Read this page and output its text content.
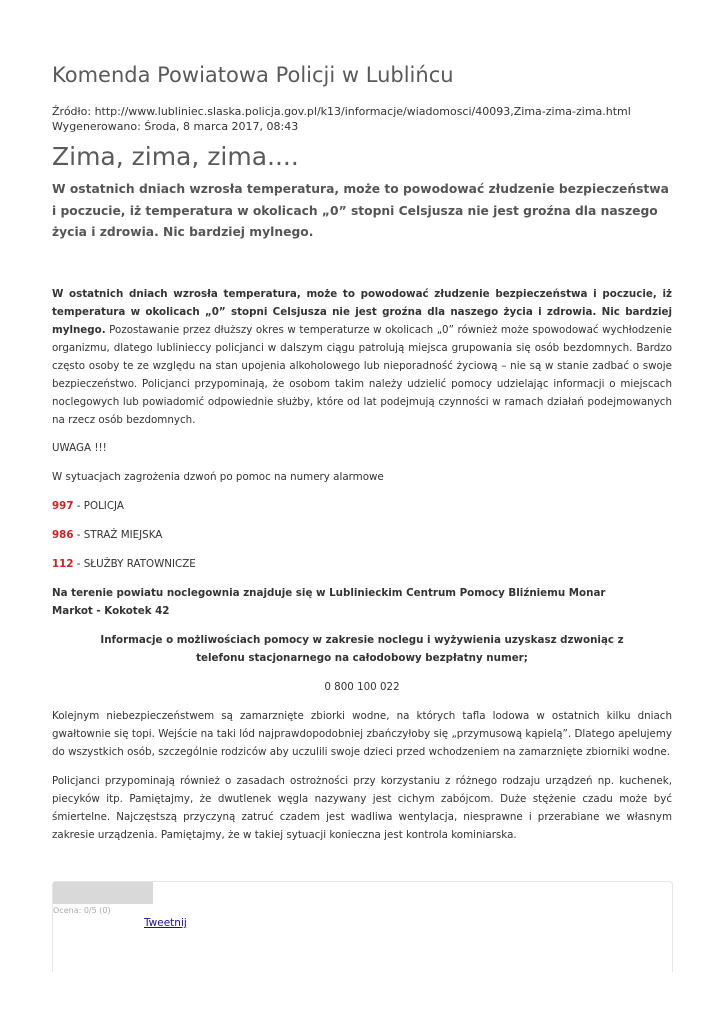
Komenda Powiatowa Policji w Lublińcu
Źródło: http://www.lubliniec.slaska.policja.gov.pl/k13/informacje/wiadomosci/40093,Zima-zima-zima.html
Wygenerowano: Środa, 8 marca 2017, 08:43
Zima, zima, zima....

W ostatnich dniach wzrosła temperatura, może to powodować złudzenie bezpieczeństwa i poczucie, iż temperatura w okolicach „0” stopni Celsjusza nie jest groźna dla naszego życia i zdrowia. Nic bardziej mylnego.

W ostatnich dniach wzrosła temperatura, może to powodować złudzenie bezpieczeństwa i poczucie, iż temperatura w okolicach „0” stopni Celsjusza nie jest groźna dla naszego życia i zdrowia. Nic bardziej mylnego. Pozostawanie przez dłuższy okres w temperaturze w okolicach „0” również może spowodować wychłodzenie organizmu, dlatego lublinieccy policjanci w dalszym ciągu patrolują miejsca grupowania się osób bezdomnych. Bardzo często osoby te ze względu na stan upojenia alkoholowego lub nieporadność życiową – nie są w stanie zadbać o swoje bezpieczeństwo. Policjanci przypominają, że osobom takim należy udzielić pomocy udzielając informacji o miejscach noclegowych lub powiadomić odpowiednie służby, które od lat podejmują czynności w ramach działań podejmowanych na rzecz osób bezdomnych.

UWAGA !!!

W sytuacjach zagrożenia dzwoń po pomoc na numery alarmowe

997 - POLICJA

986 - STRAŻ MIEJSKA

112 - SŁUŻBY RATOWNICZE

Na terenie powiatu noclegownia znajduje się w Lublinieckim Centrum Pomocy Bliźniemu Monar Markot - Kokotek 42

Informacje o możliwościach pomocy w zakresie noclegu i wyżywienia uzyskasz dzwoniąc z telefonu stacjonarnego na całodobowy bezpłatny numer;

0 800 100 022

Kolejnym niebezpieczeństwem są zamarznięte zbiorki wodne, na których tafla lodowa w ostatnich kilku dniach gwałtownie się topi. Wejście na taki lód najprawdopodobniej zbańczyłoby się „przymusową kąpielą”. Dlatego apelujemy do wszystkich osób, szczególnie rodziców aby uczulili swoje dzieci przed wchodzeniem na zamarznięte zbiorniki wodne.

Policjanci przypominają również o zasadach ostrożności przy korzystaniu z różnego rodzaju urządzeń np. kuchenek, piecyków itp. Pamiętajmy, że dwutlenek węgla nazywany jest cichym zabójcom. Duże stężenie czadu może być śmiertelne. Najczęstszą przyczyną zatruć czadem jest wadliwa wentylacja, niesprawne i przerabiane we własnym zakresie urządzenia. Pamiętajmy, że w takiej sytuacji konieczna jest kontrola kominiarska.

Ocena: 0/5 (0)
Tweetnij
